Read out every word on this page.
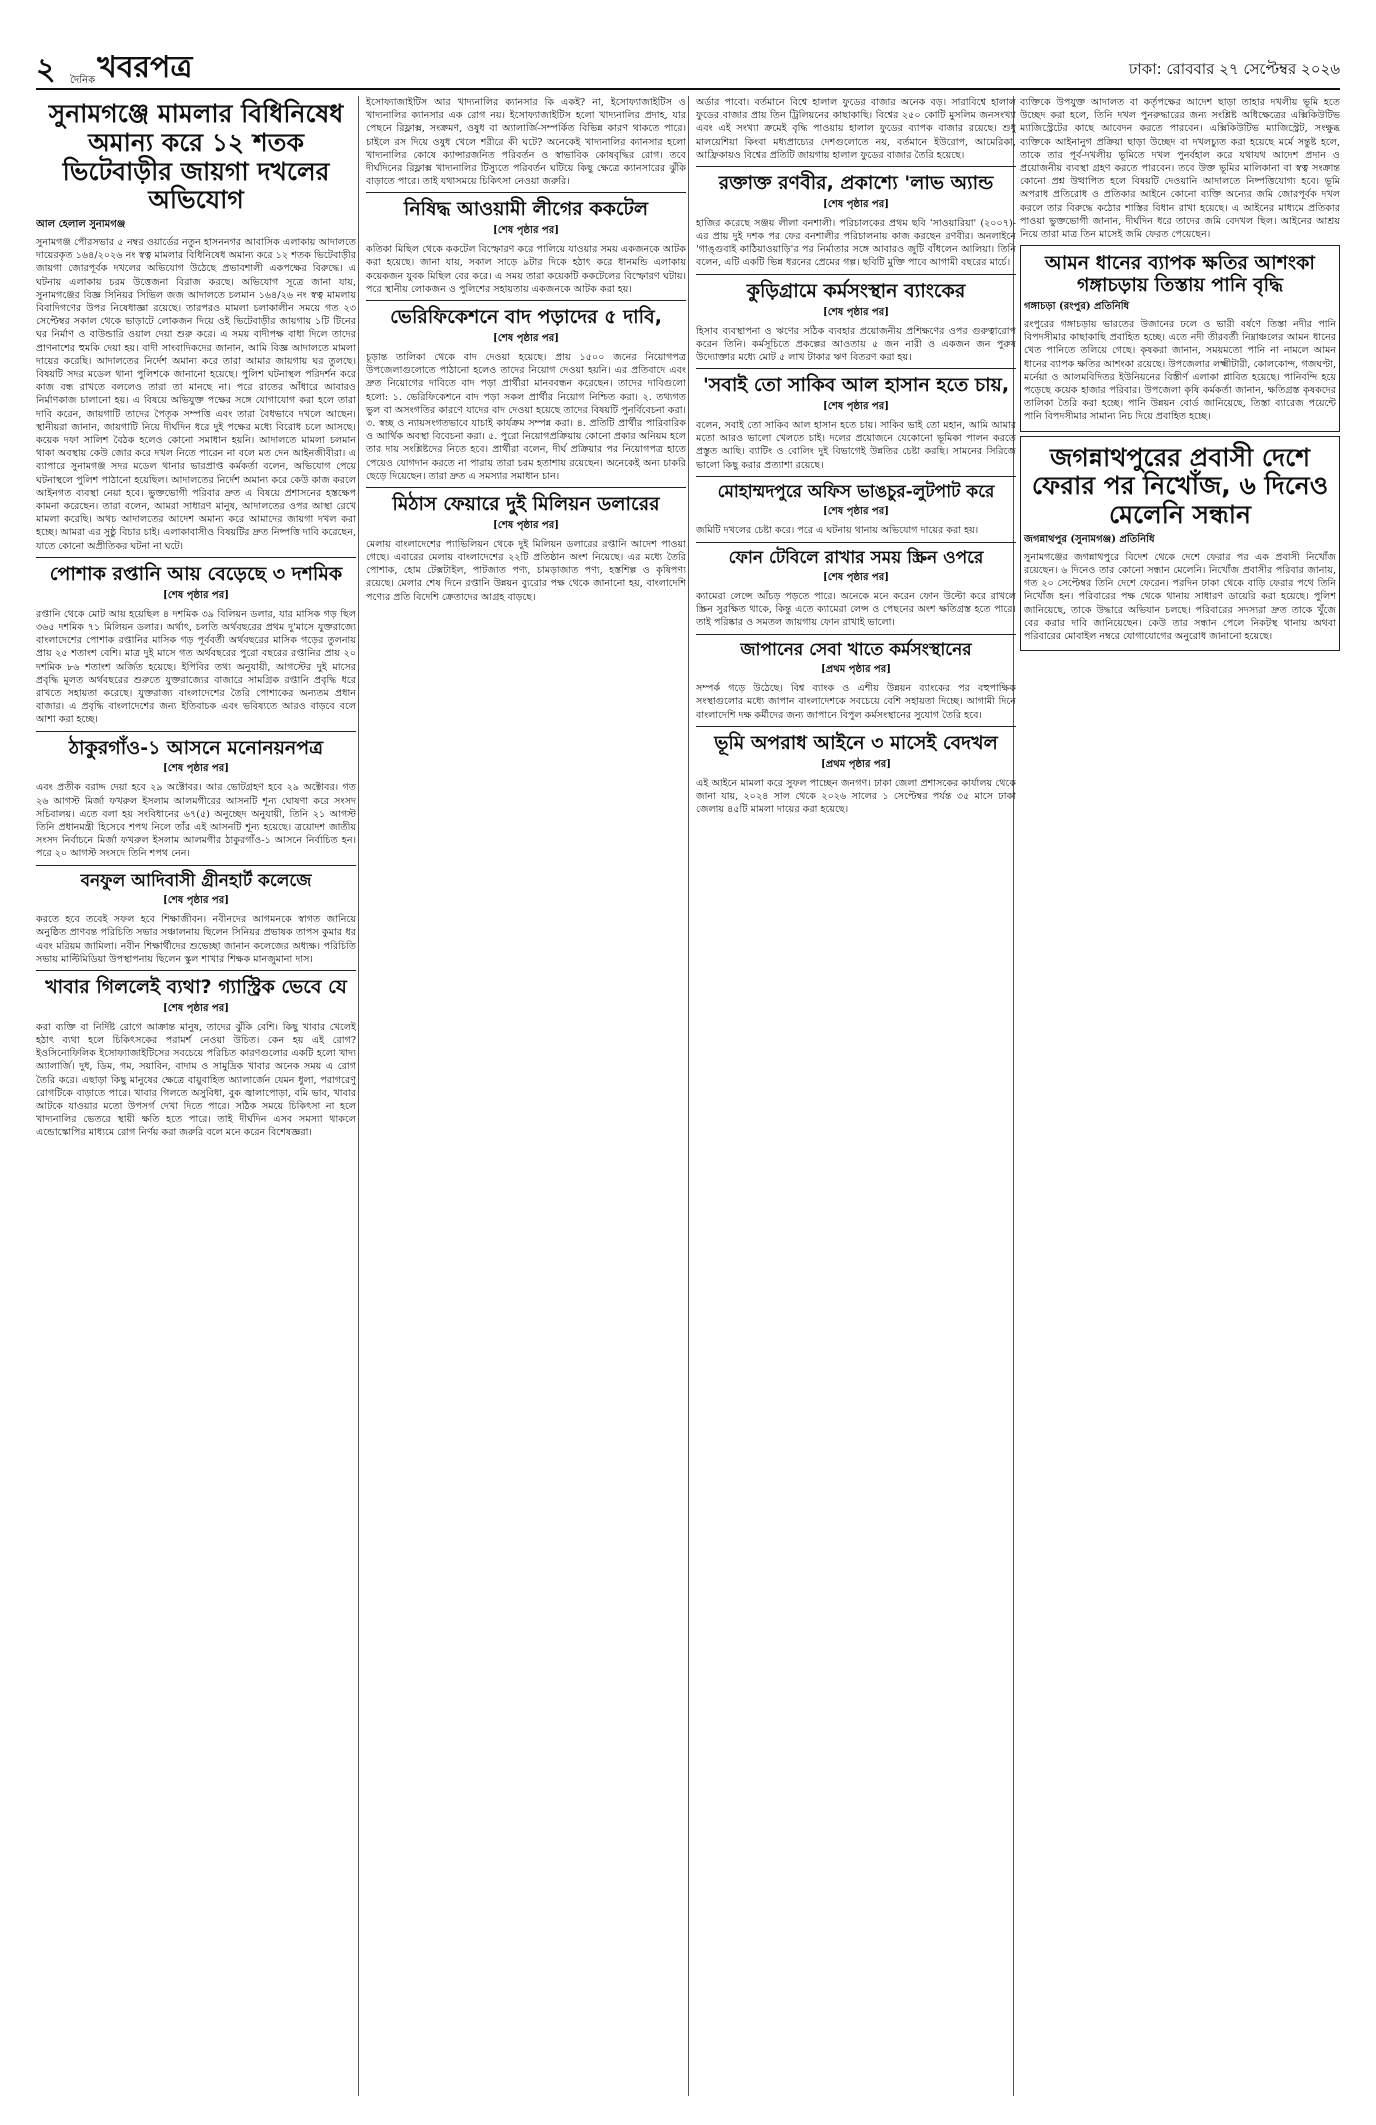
২ দৈনিক খবরপত্র	ঢাকা: রোববার ২৭ সেপ্টেম্বর ২০২৬
সুনামগঞ্জে মামলার বিধিনিষেধ অমান্য করে ১২ শতক ভিটেবাড়ীর জায়গা দখলের অভিযোগ
আল হেলাল সুনামগঞ্জ

সুনামগঞ্জ পৌরসভার ৫ নম্বর ওয়ার্ডের নতুন হাসননগর আবাসিক এলাকায় আদালতে দায়েরকৃত ১৬৪/২০২৬ নং স্বত্ব মামলার বিধিনিষেধ অমান্য করে ১২ শতক ভিটেবাড়ীর জায়গা জোরপূর্বক দখলের অভিযোগ উঠেছে প্রভাবশালী একপক্ষের বিরুদ্ধে। এ ঘটনায় এলাকায় চরম উত্তেজনা বিরাজ করছে। অভিযোগ সূত্রে জানা যায়, সুনামগঞ্জের বিজ্ঞ সিনিয়র সিভিল জজ আদালতে চলমান ১৬৪/২৬ নং স্বত্ব মামলায় বিবাদিগণের উপর নিষেধাজ্ঞা রয়েছে। তারপরও মামলা চলাকালীন সময়ে গত ২৩ সেপ্টেম্বর সকাল থেকে ভাড়াটে লোকজন দিয়ে ওই ভিটেবাড়ীর জায়গায় ১টি টিনের ঘর নির্মাণ ও বাউন্ডারি ওয়াল দেয়া শুরু করে। এ সময় বাদীপক্ষ বাধা দিলে তাদের প্রাণনাশের হুমকি দেয়া হয়। বাদী সাংবাদিকদের জানান, আমি বিজ্ঞ আদালতে মামলা দায়ের করেছি। আদালতের নির্দেশ অমান্য করে তারা আমার জায়গায় ঘর তুলছে। বিষয়টি সদর মডেল থানা পুলিশকে জানানো হয়েছে। পুলিশ ঘটনাস্থল পরিদর্শন করে কাজ বন্ধ রাখতে বললেও তারা তা মানছে না। পরে রাতের আঁধারে আবারও নির্মাণকাজ চালানো হয়। এ বিষয়ে অভিযুক্ত পক্ষের সঙ্গে যোগাযোগ করা হলে তারা দাবি করেন, জায়গাটি তাদের পৈতৃক সম্পত্তি এবং তারা বৈধভাবে দখলে আছেন। স্থানীয়রা জানান, জায়গাটি নিয়ে দীর্ঘদিন ধরে দুই পক্ষের মধ্যে বিরোধ চলে আসছে। কয়েক দফা সালিশ বৈঠক হলেও কোনো সমাধান হয়নি। আদালতে মামলা চলমান থাকা অবস্থায় কেউ জোর করে দখল নিতে পারেন না বলে মত দেন আইনজীবীরা। এ ব্যাপারে সুনামগঞ্জ সদর মডেল থানার ভারপ্রাপ্ত কর্মকর্তা বলেন, অভিযোগ পেয়ে ঘটনাস্থলে পুলিশ পাঠানো হয়েছিল। আদালতের নির্দেশ অমান্য করে কেউ কাজ করলে আইনগত ব্যবস্থা নেয়া হবে। ভুক্তভোগী পরিবার দ্রুত এ বিষয়ে প্রশাসনের হস্তক্ষেপ কামনা করেছেন। তারা বলেন, আমরা সাধারণ মানুষ, আদালতের ওপর আস্থা রেখে মামলা করেছি। অথচ আদালতের আদেশ অমান্য করে আমাদের জায়গা দখল করা হচ্ছে। আমরা এর সুষ্ঠু বিচার চাই। এলাকাবাসীও বিষয়টির দ্রুত নিষ্পত্তি দাবি করেছেন, যাতে কোনো অপ্রীতিকর ঘটনা না ঘটে।

পোশাক রপ্তানি আয় বেড়েছে ৩ দশমিক
[শেষ পৃষ্ঠার পর]

রপ্তানি থেকে মোট আয় হয়েছিল ৪ দশমিক ৩৯ বিলিয়ন ডলার, যার মাসিক গড় ছিল ৩৬৫ দশমিক ৭১ মিলিয়ন ডলার। অর্থাৎ, চলতি অর্থবছরের প্রথম দু'মাসে যুক্তরাজ্যে বাংলাদেশের পোশাক রপ্তানির মাসিক গড় পূর্ববর্তী অর্থবছরের মাসিক গড়ের তুলনায় প্রায় ২৫ শতাংশ বেশি। মাত্র দুই মাসে গত অর্থবছরের পুরো বছরের রপ্তানির প্রায় ২০ দশমিক ৮৬ শতাংশ অর্জিত হয়েছে। ইপিবির তথ্য অনুযায়ী, আগস্টের দুই মাসের প্রবৃদ্ধি মূলত অর্থবছরের শুরুতে যুক্তরাজ্যের বাজারে সামগ্রিক রপ্তানি প্রবৃদ্ধি ধরে রাখতে সহায়তা করেছে। যুক্তরাজ্য বাংলাদেশের তৈরি পোশাকের অন্যতম প্রধান বাজার। এ প্রবৃদ্ধি বাংলাদেশের জন্য ইতিবাচক এবং ভবিষ্যতে আরও বাড়বে বলে আশা করা হচ্ছে।

ঠাকুরগাঁও-১ আসনে মনোনয়নপত্র
[শেষ পৃষ্ঠার পর]

এবং প্রতীক বরাদ্দ দেয়া হবে ২৯ অক্টোবর। আর ভোটগ্রহণ হবে ২৯ অক্টোবর। গত ২৬ আগস্ট মির্জা ফখরুল ইসলাম আলমগীরের আসনটি শূন্য ঘোষণা করে সংসদ সচিবালয়। এতে বলা হয় সংবিধানের ৬৭(৫) অনুচ্ছেদ অনুযায়ী, তিনি ২১ আগস্ট তিনি প্রধানমন্ত্রী হিসেবে শপথ নিলে তাঁর এই আসনটি শূন্য হয়েছে। ত্রয়োদশ জাতীয় সংসদ নির্বাচনে মির্জা ফখরুল ইসলাম আলমগীর ঠাকুরগাঁও-১ আসনে নির্বাচিত হন। পরে ২০ আগস্ট সংসদে তিনি শপথ নেন।

বনফুল আদিবাসী গ্রীনহার্ট কলেজে
[শেষ পৃষ্ঠার পর]

করতে হবে তবেই সফল হবে শিক্ষাজীবন। নবীনদের আগমনকে স্বাগত জানিয়ে অনুষ্ঠিত প্রাণবন্ত পরিচিতি সভার সঞ্চালনায় ছিলেন সিনিয়র প্রভাষক তাপস কুমার ধর এবং মরিয়ম জামিলা। নবীন শিক্ষার্থীদের শুভেচ্ছা জানান কলেজের অধ্যক্ষ। পরিচিতি সভায় মাল্টিমিডিয়া উপস্থাপনায় ছিলেন স্কুল শাখার শিক্ষক মানজুমানা দাস।

খাবার গিললেই ব্যথা? গ্যাস্ট্রিক ভেবে যে
[শেষ পৃষ্ঠার পর]

করা ব্যক্তি বা নির্দিষ্ট রোগে আক্রান্ত মানুষ, তাদের ঝুঁকি বেশি। কিছু খাবার খেলেই হঠাৎ ব্যথা হলে চিকিৎসকের পরামর্শ নেওয়া উচিত। কেন হয় এই রোগ? ইওসিনোফিলিক ইসোফ্যাজাইটিসের সবচেয়ে পরিচিত কারণগুলোর একটি হলো খাদ্য অ্যালার্জি। দুধ, ডিম, গম, সয়াবিন, বাদাম ও সামুদ্রিক খাবার অনেক সময় এ রোগ তৈরি করে। এছাড়া কিছু মানুষের ক্ষেত্রে বায়ুবাহিত অ্যালার্জেন যেমন ধুলা, পরাগরেণু রোগটিকে বাড়াতে পারে। খাবার গিলতে অসুবিধা, বুক জ্বালাপোড়া, বমি ভাব, খাবার আটকে যাওয়ার মতো উপসর্গ দেখা দিতে পারে। সঠিক সময়ে চিকিৎসা না হলে খাদ্যনালির ভেতরে স্থায়ী ক্ষতি হতে পারে। তাই দীর্ঘদিন এসব সমস্যা থাকলে এন্ডোস্কোপির মাধ্যমে রোগ নির্ণয় করা জরুরি বলে মনে করেন বিশেষজ্ঞরা।

ইসোফ্যাজাইটিস আর খাদ্যনালির ক্যানসার কি একই? না, ইসোফ্যাজাইটিস ও খাদ্যনালির ক্যানসার এক রোগ নয়। ইসোফ্যাজাইটিস হলো খাদ্যনালির প্রদাহ, যার পেছনে রিফ্লাক্স, সংক্রমণ, ওষুধ বা অ্যালার্জি-সম্পর্কিত বিভিন্ন কারণ থাকতে পারে। চাইলে রস দিয়ে ওষুধ খেলে শরীরে কী ঘটে? অনেকেই খাদ্যনালির ক্যানসার হলো খাদ্যনালির কোষে ক্যান্সারজনিত পরিবর্তন ও স্বাভাবিক কোষবৃদ্ধির রোগ। তবে দীর্ঘদিনের রিফ্লাক্স খাদ্যনালির টিস্যুতে পরিবর্তন ঘটিয়ে কিছু ক্ষেত্রে ক্যানসারের ঝুঁকি বাড়াতে পারে। তাই যথাসময়ে চিকিৎসা নেওয়া জরুরি।

নিষিদ্ধ আওয়ামী লীগের ককটেল
[শেষ পৃষ্ঠার পর]

কতিকা মিছিল থেকে ককটেল বিস্ফোরণ করে পালিয়ে যাওয়ার সময় একজনকে আটক করা হয়েছে। জানা যায়, সকাল সাড়ে ৯টার দিকে হঠাৎ করে ধানমন্ডি এলাকায় কয়েকজন যুবক মিছিল বের করে। এ সময় তারা কয়েকটি ককটেলের বিস্ফোরণ ঘটায়। পরে স্থানীয় লোকজন ও পুলিশের সহায়তায় একজনকে আটক করা হয়।

ভেরিফিকেশনে বাদ পড়াদের ৫ দাবি,
[শেষ পৃষ্ঠার পর]

চূড়ান্ত তালিকা থেকে বাদ দেওয়া হয়েছে। প্রায় ১৫০০ জনের নিয়োগপত্র উপজেলাগুলোতে পাঠানো হলেও তাদের নিয়োগ দেওয়া হয়নি। এর প্রতিবাদে এবং দ্রুত নিয়োগের দাবিতে বাদ পড়া প্রার্থীরা মানববন্ধন করেছেন। তাদের দাবিগুলো হলো: ১. ভেরিফিকেশনে বাদ পড়া সকল প্রার্থীর নিয়োগ নিশ্চিত করা। ২. তথ্যগত ভুল বা অসংগতির কারণে যাদের বাদ দেওয়া হয়েছে তাদের বিষয়টি পুনর্বিবেচনা করা। ৩. স্বচ্ছ ও ন্যায়সংগতভাবে যাচাই কার্যক্রম সম্পন্ন করা। ৪. প্রতিটি প্রার্থীর পারিবারিক ও আর্থিক অবস্থা বিবেচনা করা। ৫. পুরো নিয়োগপ্রক্রিয়ায় কোনো প্রকার অনিয়ম হলে তার দায় সংশ্লিষ্টদের নিতে হবে। প্রার্থীরা বলেন, দীর্ঘ প্রক্রিয়ার পর নিয়োগপত্র হাতে পেয়েও যোগদান করতে না পারায় তারা চরম হতাশায় রয়েছেন। অনেকেই অন্য চাকরি ছেড়ে দিয়েছেন। তারা দ্রুত এ সমস্যার সমাধান চান।

মিঠাস ফেয়ারে দুই মিলিয়ন ডলারের
[শেষ পৃষ্ঠার পর]

মেলায় বাংলাদেশের প্যাভিলিয়ন থেকে দুই মিলিয়ন ডলারের রপ্তানি আদেশ পাওয়া গেছে। এবারের মেলায় বাংলাদেশের ২২টি প্রতিষ্ঠান অংশ নিয়েছে। এর মধ্যে তৈরি পোশাক, হোম টেক্সটাইল, পাটজাত পণ্য, চামড়াজাত পণ্য, হস্তশিল্প ও কৃষিপণ্য রয়েছে। মেলার শেষ দিনে রপ্তানি উন্নয়ন ব্যুরোর পক্ষ থেকে জানানো হয়, বাংলাদেশি পণ্যের প্রতি বিদেশি ক্রেতাদের আগ্রহ বাড়ছে।

অর্ডার পাবো। বর্তমানে বিশ্বে হালাল ফুডের বাজার অনেক বড়। সারাবিশ্বে হালাল ফুডের বাজার প্রায় তিন ট্রিলিয়নের কাছাকাছি। বিশ্বের ২৫০ কোটি মুসলিম জনসংখ্যা এবং এই সংখ্যা ক্রমেই বৃদ্ধি পাওয়ায় হালাল ফুডের ব্যাপক বাজার রয়েছে। শুধু মালয়েশিয়া কিংবা মধ্যপ্রাচ্যের দেশগুলোতে নয়, বর্তমানে ইউরোপ, আমেরিকা, আফ্রিকায়ও বিশ্বের প্রতিটি জায়গায় হালাল ফুডের বাজার তৈরি হয়েছে।

রক্তাক্ত রণবীর, প্রকাশ্যে 'লাভ অ্যান্ড
[শেষ পৃষ্ঠার পর]

হাজির করেছে সঞ্জয় লীলা বনশালী। পরিচালকের প্রথম ছবি 'সাওয়ারিয়া' (২০০৭)-এর প্রায় দুই দশক পর ফের বনশালীর পরিচালনায় কাজ করছেন রণবীর। অনলাইনে 'গাঙ্গুবাই কাঠিয়াওয়াড়ি'র পর নির্মাতার সঙ্গে আবারও জুটি বাঁধলেন আলিয়া। তিনি বলেন, এটি একটি ভিন্ন ধরনের প্রেমের গল্প। ছবিটি মুক্তি পাবে আগামী বছরের মার্চে।

কুড়িগ্রামে কর্মসংস্থান ব্যাংকের
[শেষ পৃষ্ঠার পর]

হিসাব ব্যবস্থাপনা ও ঋণের সঠিক ব্যবহার প্রয়োজনীয় প্রশিক্ষণের ওপর গুরুত্বারোপ করেন তিনি। কর্মসূচিতে প্রকল্পের আওতায় ৫ জন নারী ও একজন জন পুরুষ উদ্যোক্তার মধ্যে মোট ৫ লাখ টাকার ঋণ বিতরণ করা হয়।

'সবাই তো সাকিব আল হাসান হতে চায়,
[শেষ পৃষ্ঠার পর]

বলেন, সবাই তো সাকিব আল হাসান হতে চায়। সাকিব ভাই তো মহান, আমি আমার মতো আরও ভালো খেলতে চাই। দলের প্রয়োজনে যেকোনো ভূমিকা পালন করতে প্রস্তুত আছি। ব্যাটিং ও বোলিং দুই বিভাগেই উন্নতির চেষ্টা করছি। সামনের সিরিজে ভালো কিছু করার প্রত্যাশা রয়েছে।

মোহাম্মদপুরে অফিস ভাঙচুর-লুটপাট করে
[শেষ পৃষ্ঠার পর]

জমিটি দখলের চেষ্টা করে। পরে এ ঘটনায় থানায় অভিযোগ দায়ের করা হয়।

ফোন টেবিলে রাখার সময় স্ক্রিন ওপরে
[শেষ পৃষ্ঠার পর]

ক্যামেরা লেন্সে আঁচড় পড়তে পারে। অনেকে মনে করেন ফোন উল্টো করে রাখলে স্ক্রিন সুরক্ষিত থাকে, কিন্তু এতে ক্যামেরা লেন্স ও পেছনের অংশ ক্ষতিগ্রস্ত হতে পারে। তাই পরিষ্কার ও সমতল জায়গায় ফোন রাখাই ভালো।

জাপানের সেবা খাতে কর্মসংস্থানের
[প্রথম পৃষ্ঠার পর]

সম্পর্ক গড়ে উঠেছে। বিশ্ব ব্যাংক ও এশীয় উন্নয়ন ব্যাংকের পর বহুপাক্ষিক সংস্থাগুলোর মধ্যে জাপান বাংলাদেশকে সবচেয়ে বেশি সহায়তা দিচ্ছে। আগামী দিনে বাংলাদেশি দক্ষ কর্মীদের জন্য জাপানে বিপুল কর্মসংস্থানের সুযোগ তৈরি হবে।

ভূমি অপরাধ আইনে ৩ মাসেই বেদখল
[প্রথম পৃষ্ঠার পর]

এই আইনে মামলা করে সুফল পাচ্ছেন জনগণ। ঢাকা জেলা প্রশাসকের কার্যালয় থেকে জানা যায়, ২০২৪ সাল থেকে ২০২৬ সালের ১ সেপ্টেম্বর পর্যন্ত ৩৫ মাসে ঢাকা জেলায় ৪৫টি মামলা দায়ের করা হয়েছে।

ব্যক্তিকে উপযুক্ত আদালত বা কর্তৃপক্ষের আদেশ ছাড়া তাহার দখলীয় ভূমি হতে উচ্ছেদ করা হলে, তিনি দখল পুনরুদ্ধারের জন্য সংশ্লিষ্ট অধিক্ষেত্রের এক্সিকিউটিভ ম্যাজিস্ট্রেটের কাছে আবেদন করতে পারবেন। এক্সিকিউটিভ ম্যাজিস্ট্রেট, সংক্ষুব্ধ ব্যক্তিকে আইনানুগ প্রক্রিয়া ছাড়া উচ্ছেদ বা দখলচ্যুত করা হয়েছে মর্মে সন্তুষ্ট হলে, তাকে তার পূর্ব-দখলীয় ভূমিতে দখল পুনর্বহাল করে যথাযথ আদেশ প্রদান ও প্রয়োজনীয় ব্যবস্থা গ্রহণ করতে পারবেন। তবে উক্ত ভূমির মালিকানা বা স্বত্ব সংক্রান্ত কোনো প্রশ্ন উত্থাপিত হলে বিষয়টি দেওয়ানি আদালতে নিষ্পত্তিযোগ্য হবে। ভূমি অপরাধ প্রতিরোধ ও প্রতিকার আইনে কোনো ব্যক্তি অন্যের জমি জোরপূর্বক দখল করলে তার বিরুদ্ধে কঠোর শাস্তির বিধান রাখা হয়েছে। এ আইনের মাধ্যমে প্রতিকার পাওয়া ভুক্তভোগী জানান, দীর্ঘদিন ধরে তাদের জমি বেদখল ছিল। আইনের আশ্রয় নিয়ে তারা মাত্র তিন মাসেই জমি ফেরত পেয়েছেন।

আমন ধানের ব্যাপক ক্ষতির আশংকা গঙ্গাচড়ায় তিস্তায় পানি বৃদ্ধি
গঙ্গাচড়া (রংপুর) প্রতিনিধি

রংপুরের গঙ্গাচড়ায় ভারতের উজানের ঢলে ও ভারী বর্ষণে তিস্তা নদীর পানি বিপদসীমার কাছাকাছি প্রবাহিত হচ্ছে। এতে নদী তীরবর্তী নিম্নাঞ্চলের আমন ধানের খেত পানিতে তলিয়ে গেছে। কৃষকরা জানান, সময়মতো পানি না নামলে আমন ধানের ব্যাপক ক্ষতির আশংকা রয়েছে। উপজেলার লক্ষ্মীটারী, কোলকোন্দ, গজঘণ্টা, মর্নেয়া ও আলমবিদিতর ইউনিয়নের বিস্তীর্ণ এলাকা প্লাবিত হয়েছে। পানিবন্দি হয়ে পড়েছে কয়েক হাজার পরিবার। উপজেলা কৃষি কর্মকর্তা জানান, ক্ষতিগ্রস্ত কৃষকদের তালিকা তৈরি করা হচ্ছে। পানি উন্নয়ন বোর্ড জানিয়েছে, তিস্তা ব্যারেজ পয়েন্টে পানি বিপদসীমার সামান্য নিচ দিয়ে প্রবাহিত হচ্ছে।

জগন্নাথপুরের প্রবাসী দেশে ফেরার পর নিখোঁজ, ৬ দিনেও মেলেনি সন্ধান
জগন্নাথপুর (সুনামগঞ্জ) প্রতিনিধি

সুনামগঞ্জের জগন্নাথপুরে বিদেশ থেকে দেশে ফেরার পর এক প্রবাসী নিখোঁজ রয়েছেন। ৬ দিনেও তার কোনো সন্ধান মেলেনি। নিখোঁজ প্রবাসীর পরিবার জানায়, গত ২০ সেপ্টেম্বর তিনি দেশে ফেরেন। পরদিন ঢাকা থেকে বাড়ি ফেরার পথে তিনি নিখোঁজ হন। পরিবারের পক্ষ থেকে থানায় সাধারণ ডায়েরি করা হয়েছে। পুলিশ জানিয়েছে, তাকে উদ্ধারে অভিযান চলছে। পরিবারের সদস্যরা দ্রুত তাকে খুঁজে বের করার দাবি জানিয়েছেন। কেউ তার সন্ধান পেলে নিকটস্থ থানায় অথবা পরিবারের মোবাইল নম্বরে যোগাযোগের অনুরোধ জানানো হয়েছে।
